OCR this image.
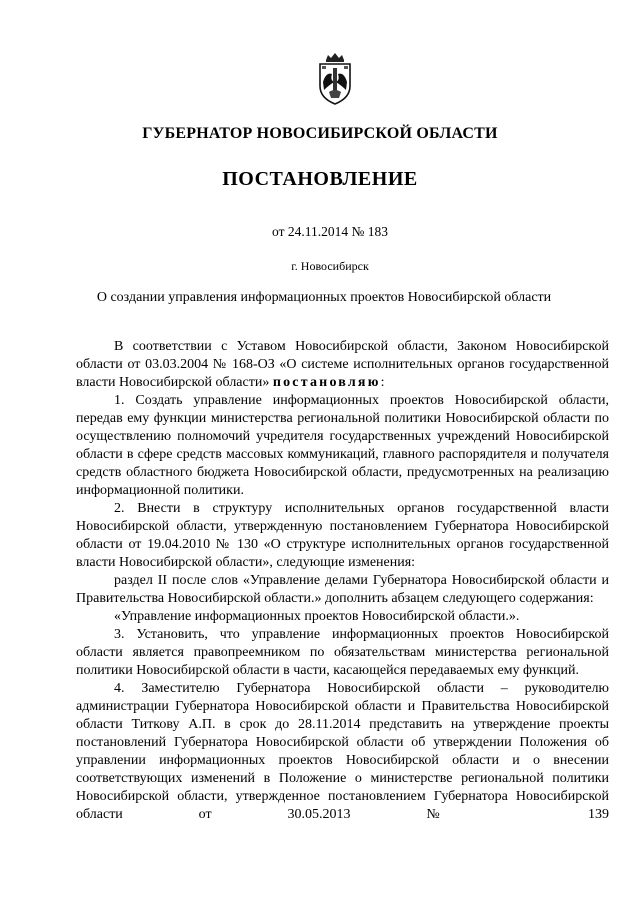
ГУБЕРНАТОР НОВОСИБИРСКОЙ ОБЛАСТИ
ПОСТАНОВЛЕНИЕ
от 24.11.2014 № 183
г. Новосибирск
О создании управления информационных проектов Новосибирской области

В соответствии с Уставом Новосибирской области, Законом Новосибирской области от 03.03.2004 № 168-ОЗ «О системе исполнительных органов государственной власти Новосибирской области» постановляю:

1. Создать управление информационных проектов Новосибирской области, передав ему функции министерства региональной политики Новосибирской области по осуществлению полномочий учредителя государственных учреждений Новосибирской области в сфере средств массовых коммуникаций, главного распорядителя и получателя средств областного бюджета Новосибирской области, предусмотренных на реализацию информационной политики.

2. Внести в структуру исполнительных органов государственной власти Новосибирской области, утвержденную постановлением Губернатора Новосибирской области от 19.04.2010 № 130 «О структуре исполнительных органов государственной власти Новосибирской области», следующие изменения:

раздел II после слов «Управление делами Губернатора Новосибирской области и Правительства Новосибирской области.» дополнить абзацем следующего содержания:

«Управление информационных проектов Новосибирской области.».

3. Установить, что управление информационных проектов Новосибирской области является правопреемником по обязательствам министерства региональной политики Новосибирской области в части, касающейся передаваемых ему функций.

4. Заместителю Губернатора Новосибирской области – руководителю администрации Губернатора Новосибирской области и Правительства Новосибирской области Титкову А.П. в срок до 28.11.2014 представить на утверждение проекты постановлений Губернатора Новосибирской области об утверждении Положения об управлении информационных проектов Новосибирской области и о внесении соответствующих изменений в Положение о министерстве региональной политики Новосибирской области, утвержденное постановлением Губернатора Новосибирской области от 30.05.2013 № 139
